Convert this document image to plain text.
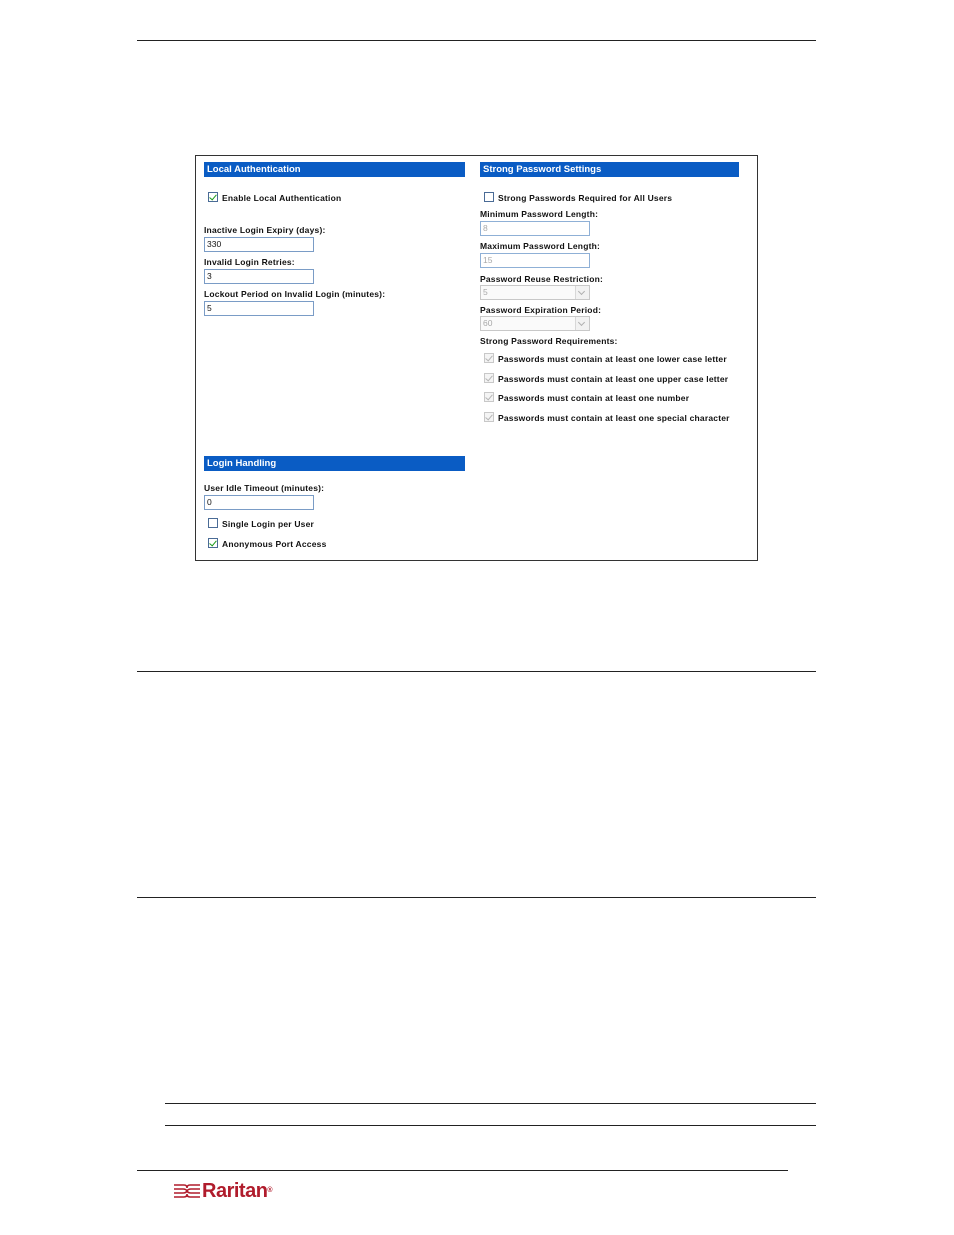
Local Authentication
Enable Local Authentication
Inactive Login Expiry (days):
330
Invalid Login Retries:
3
Lockout Period on Invalid Login (minutes):
5
Strong Password Settings
Strong Passwords Required for All Users
Minimum Password Length:
8
Maximum Password Length:
15
Password Reuse Restriction:
5
Password Expiration Period:
60
Strong Password Requirements:
Passwords must contain at least one lower case letter
Passwords must contain at least one upper case letter
Passwords must contain at least one number
Passwords must contain at least one special character
Login Handling
User Idle Timeout (minutes):
0
Single Login per User
Anonymous Port Access
Raritan®
